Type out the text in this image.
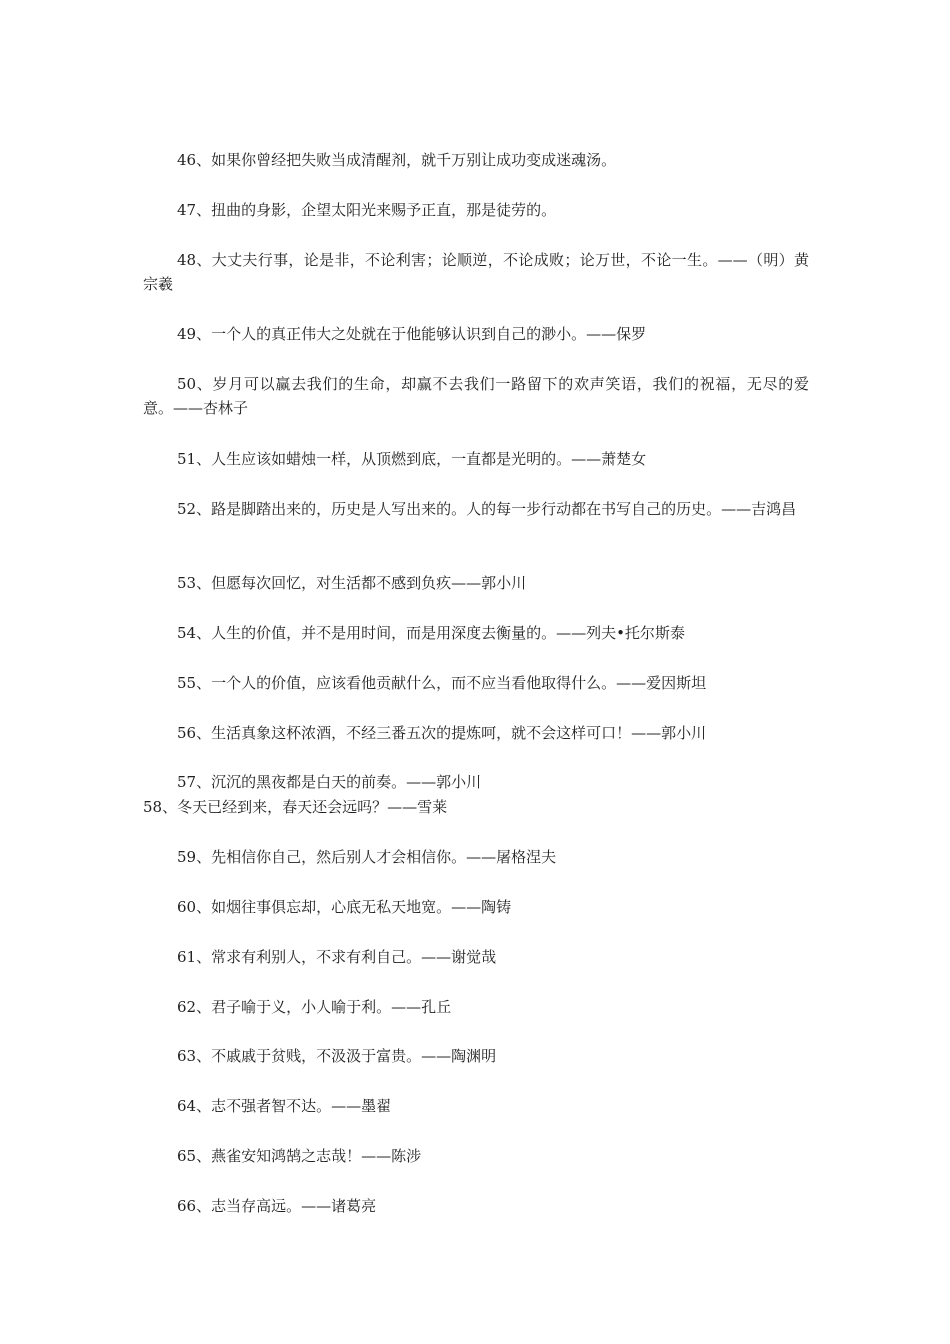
46、如果你曾经把失败当成清醒剂，就千万别让成功变成迷魂汤。

47、扭曲的身影，企望太阳光来赐予正直，那是徒劳的。

48、大丈夫行事，论是非，不论利害；论顺逆，不论成败；论万世，不论一生。——（明）黄宗羲

49、一个人的真正伟大之处就在于他能够认识到自己的渺小。——保罗

50、岁月可以赢去我们的生命，却赢不去我们一路留下的欢声笑语，我们的祝福，无尽的爱意。——杏林子

51、人生应该如蜡烛一样，从顶燃到底，一直都是光明的。——萧楚女

52、路是脚踏出来的，历史是人写出来的。人的每一步行动都在书写自己的历史。——吉鸿昌

53、但愿每次回忆，对生活都不感到负疚——郭小川

54、人生的价值，并不是用时间，而是用深度去衡量的。——列夫•托尔斯泰

55、一个人的价值，应该看他贡献什么，而不应当看他取得什么。——爱因斯坦

56、生活真象这杯浓酒，不经三番五次的提炼呵，就不会这样可口！——郭小川

57、沉沉的黑夜都是白天的前奏。——郭小川

58、冬天已经到来，春天还会远吗？——雪莱

59、先相信你自己，然后别人才会相信你。——屠格涅夫

60、如烟往事俱忘却，心底无私天地宽。——陶铸

61、常求有利别人，不求有利自己。——谢觉哉

62、君子喻于义，小人喻于利。——孔丘

63、不戚戚于贫贱，不汲汲于富贵。——陶渊明

64、志不强者智不达。——墨翟

65、燕雀安知鸿鹄之志哉！——陈涉

66、志当存高远。——诸葛亮
